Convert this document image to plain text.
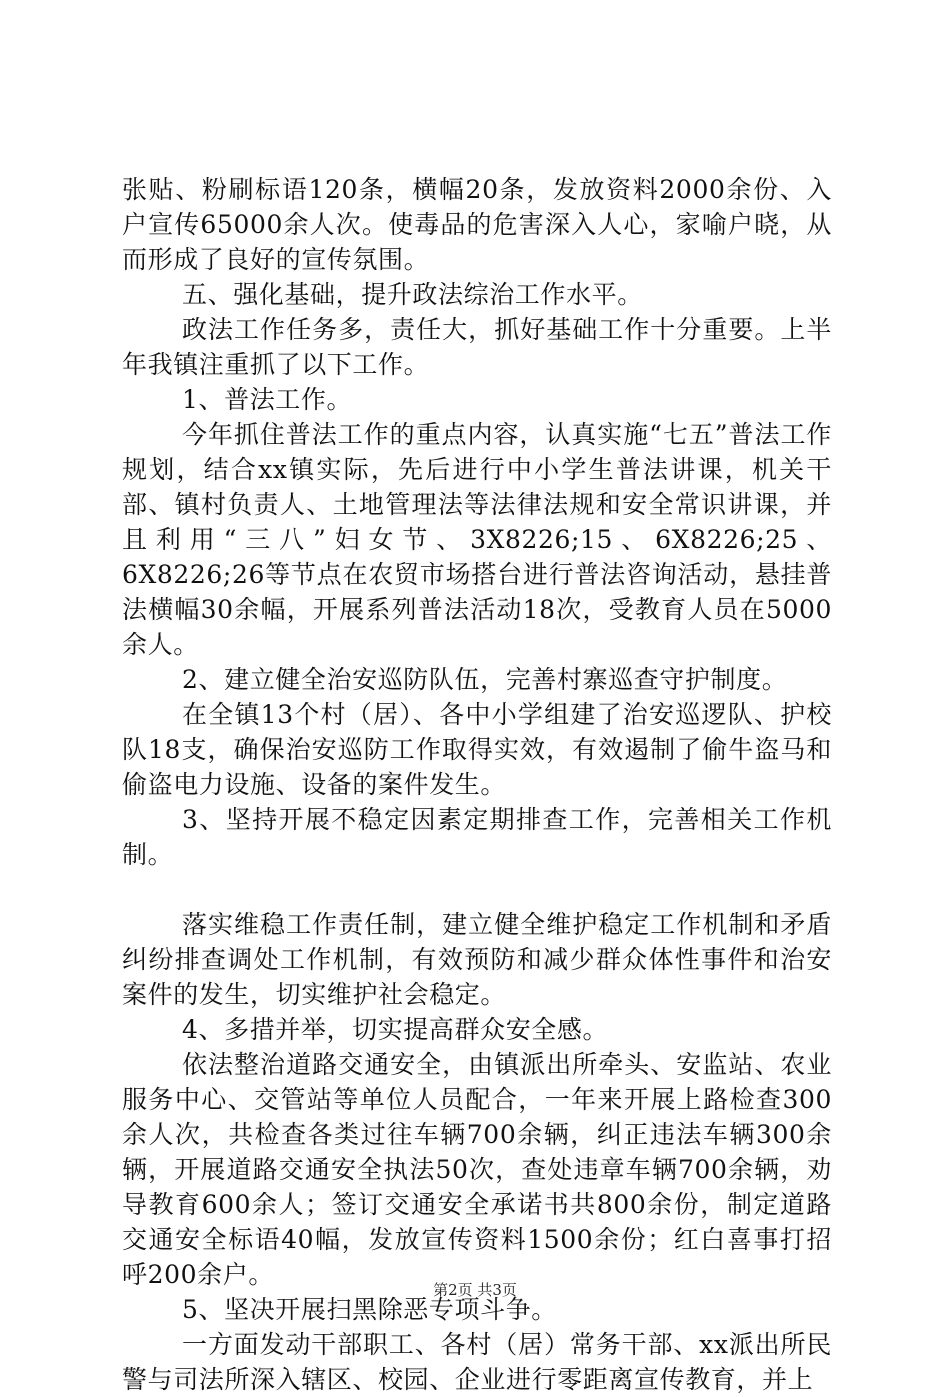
张贴、粉刷标语120条，横幅20条，发放资料2000余份、入户宣传65000余人次。使毒品的危害深入人心，家喻户晓，从而形成了良好的宣传氛围。

五、强化基础，提升政法综治工作水平。

政法工作任务多，责任大，抓好基础工作十分重要。上半年我镇注重抓了以下工作。

1、普法工作。

今年抓住普法工作的重点内容，认真实施“七五”普法工作规划，结合xx镇实际，先后进行中小学生普法讲课，机关干部、镇村负责人、土地管理法等法律法规和安全常识讲课，并且利用“三八”妇女节、3X8226;15、6X8226;25、6X8226;26等节点在农贸市场搭台进行普法咨询活动，悬挂普法横幅30余幅，开展系列普法活动18次，受教育人员在5000余人。

2、建立健全治安巡防队伍，完善村寨巡查守护制度。

在全镇13个村（居）、各中小学组建了治安巡逻队、护校队18支，确保治安巡防工作取得实效，有效遏制了偷牛盗马和偷盗电力设施、设备的案件发生。

3、坚持开展不稳定因素定期排查工作，完善相关工作机制。

落实维稳工作责任制，建立健全维护稳定工作机制和矛盾纠纷排查调处工作机制，有效预防和减少群众体性事件和治安案件的发生，切实维护社会稳定。

4、多措并举，切实提高群众安全感。

依法整治道路交通安全，由镇派出所牵头、安监站、农业服务中心、交管站等单位人员配合，一年来开展上路检查300余人次，共检查各类过往车辆700余辆，纠正违法车辆300余辆，开展道路交通安全执法50次，查处违章车辆700余辆，劝导教育600余人；签订交通安全承诺书共800余份，制定道路交通安全标语40幅，发放宣传资料1500余份；红白喜事打招呼200余户。

5、坚决开展扫黑除恶专项斗争。

一方面发动干部职工、各村（居）常务干部、xx派出所民警与司法所深入辖区、校园、企业进行零距离宣传教育，并上

第2页 共3页
